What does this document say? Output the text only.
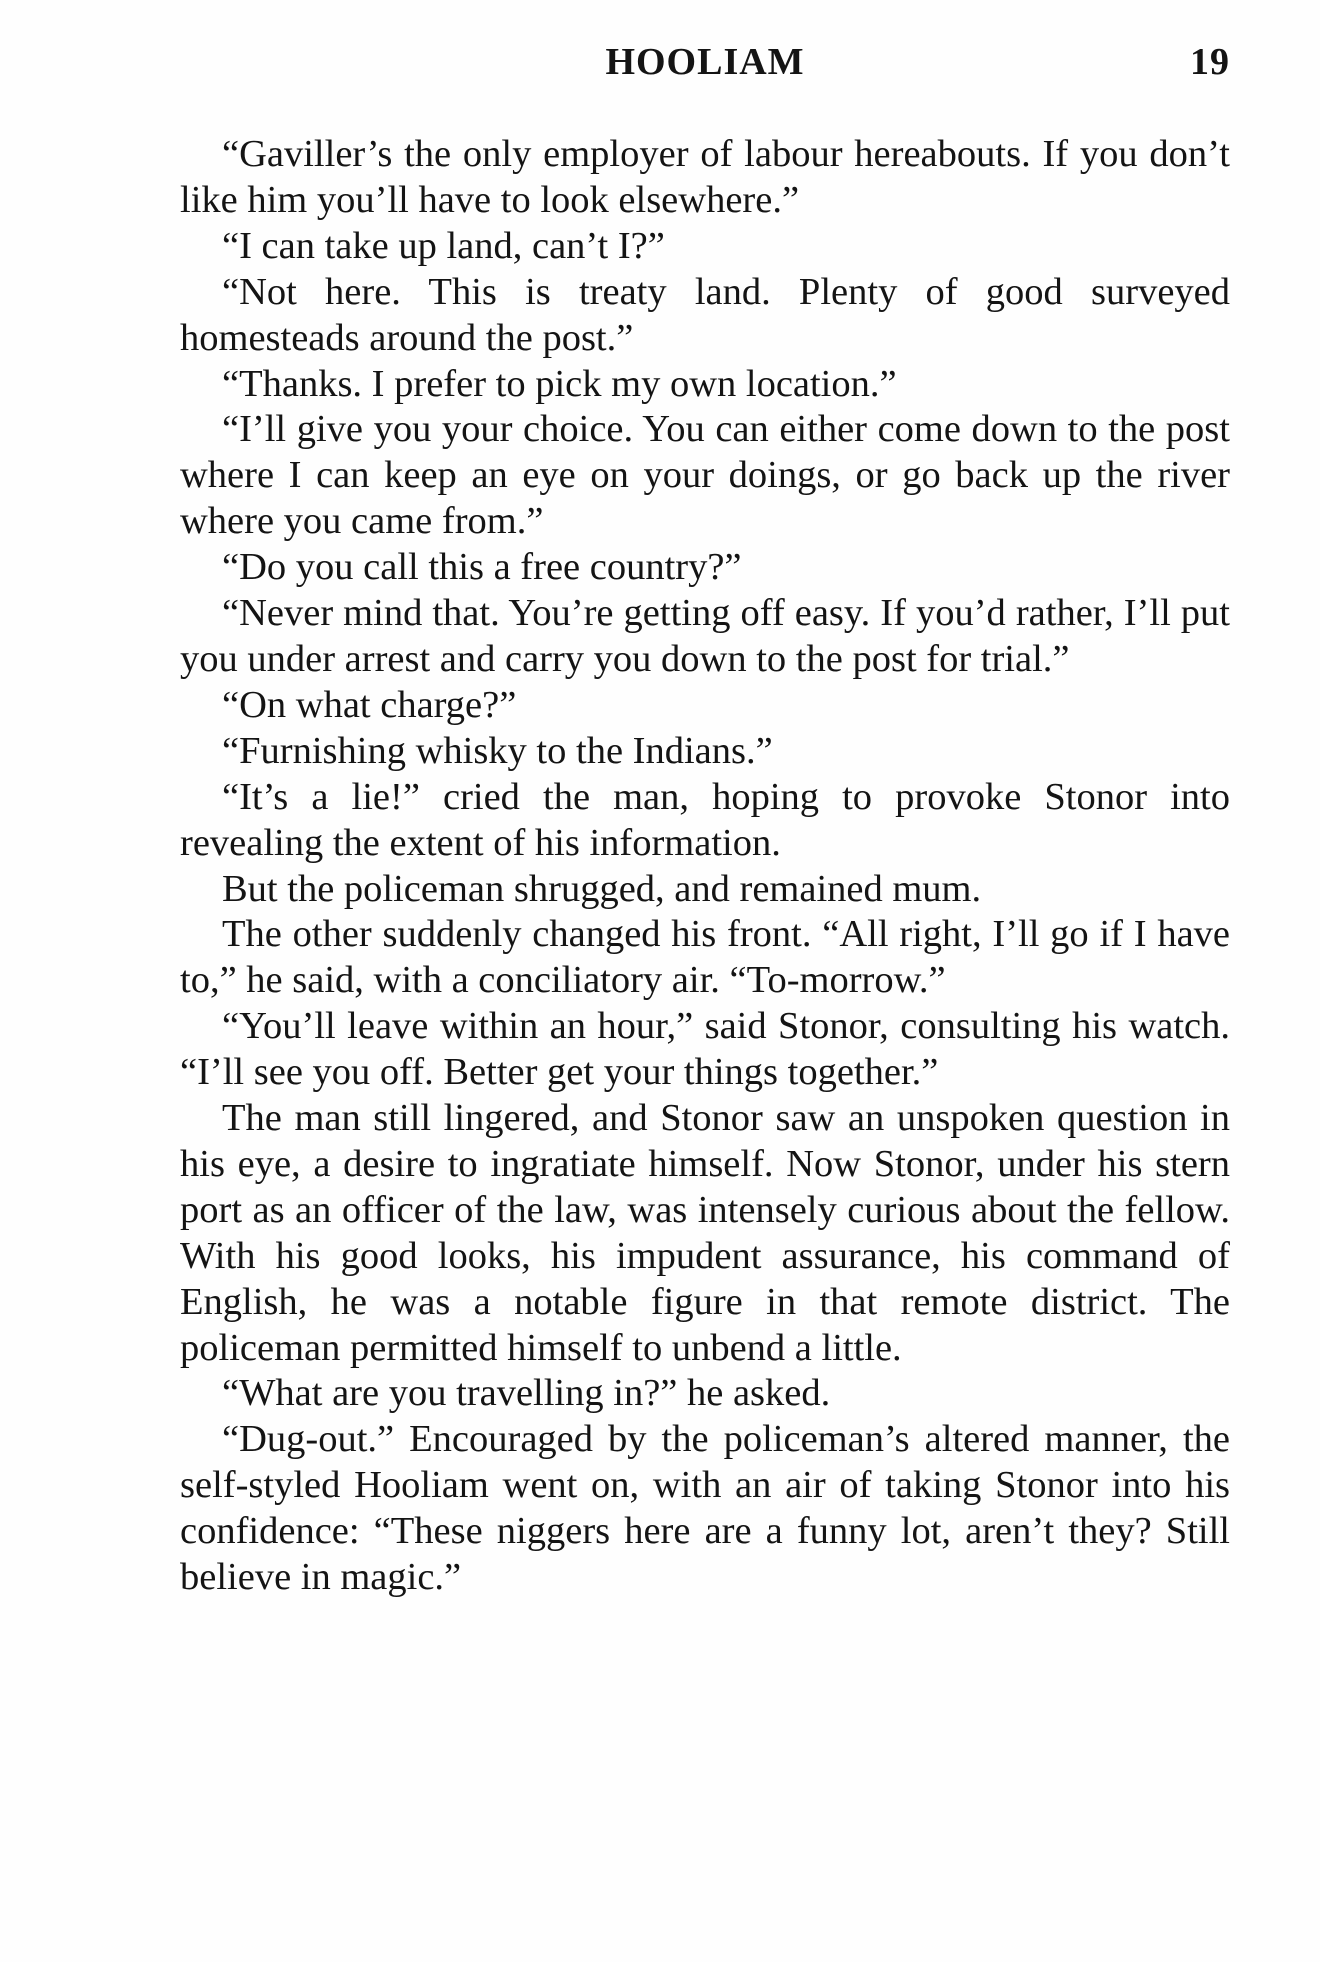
HOOLIAM	19

“Gaviller’s the only employer of labour hereabouts. If you don’t like him you’ll have to look elsewhere.”

“I can take up land, can’t I?”

“Not here. This is treaty land. Plenty of good surveyed homesteads around the post.”

“Thanks. I prefer to pick my own location.”

“I’ll give you your choice. You can either come down to the post where I can keep an eye on your doings, or go back up the river where you came from.”

“Do you call this a free country?”

“Never mind that. You’re getting off easy. If you’d rather, I’ll put you under arrest and carry you down to the post for trial.”

“On what charge?”

“Furnishing whisky to the Indians.”

“It’s a lie!” cried the man, hoping to provoke Stonor into revealing the extent of his information.

But the policeman shrugged, and remained mum.

The other suddenly changed his front. “All right, I’ll go if I have to,” he said, with a conciliatory air. “To-morrow.”

“You’ll leave within an hour,” said Stonor, consulting his watch. “I’ll see you off. Better get your things together.”

The man still lingered, and Stonor saw an unspoken question in his eye, a desire to ingratiate himself. Now Stonor, under his stern port as an officer of the law, was intensely curious about the fellow. With his good looks, his impudent assurance, his command of English, he was a notable figure in that remote district. The policeman permitted himself to unbend a little.

“What are you travelling in?” he asked.

“Dug-out.” Encouraged by the policeman’s altered manner, the self-styled Hooliam went on, with an air of taking Stonor into his confidence: “These niggers here are a funny lot, aren’t they? Still believe in magic.”
